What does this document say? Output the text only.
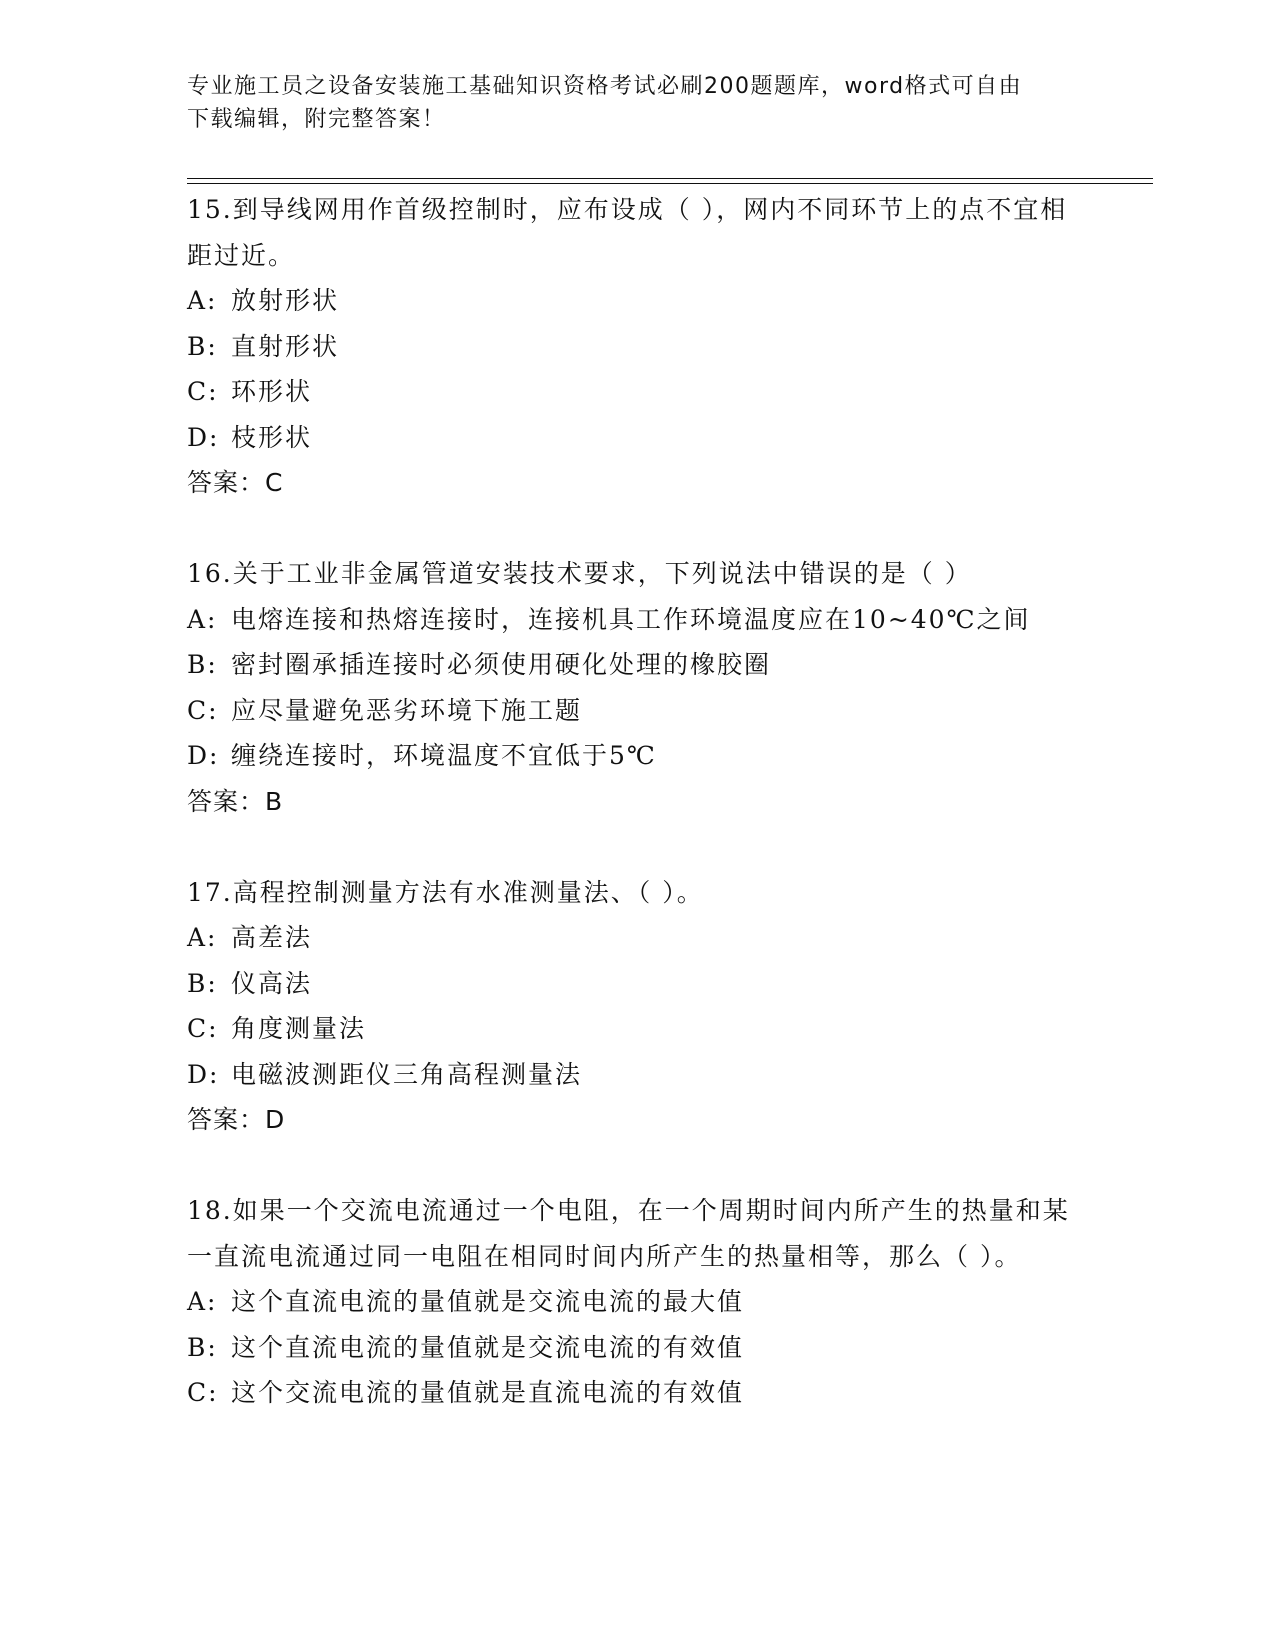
专业施工员之设备安装施工基础知识资格考试必刷200题题库，word格式可自由
下载编辑，附完整答案！
15.到导线网用作首级控制时，应布设成（ ），网内不同环节上的点不宜相距过近。
A: 放射形状
B: 直射形状
C: 环形状
D: 枝形状
答案：C
16.关于工业非金属管道安装技术要求，下列说法中错误的是（ ）
A: 电熔连接和热熔连接时，连接机具工作环境温度应在10~40℃之间
B: 密封圈承插连接时必须使用硬化处理的橡胶圈
C: 应尽量避免恶劣环境下施工题
D: 缠绕连接时，环境温度不宜低于5℃
答案：B
17.高程控制测量方法有水准测量法、（ ）。
A: 高差法
B: 仪高法
C: 角度测量法
D: 电磁波测距仪三角高程测量法
答案：D
18.如果一个交流电流通过一个电阻，在一个周期时间内所产生的热量和某一直流电流通过同一电阻在相同时间内所产生的热量相等，那么（ ）。
A: 这个直流电流的量值就是交流电流的最大值
B: 这个直流电流的量值就是交流电流的有效值
C: 这个交流电流的量值就是直流电流的有效值
